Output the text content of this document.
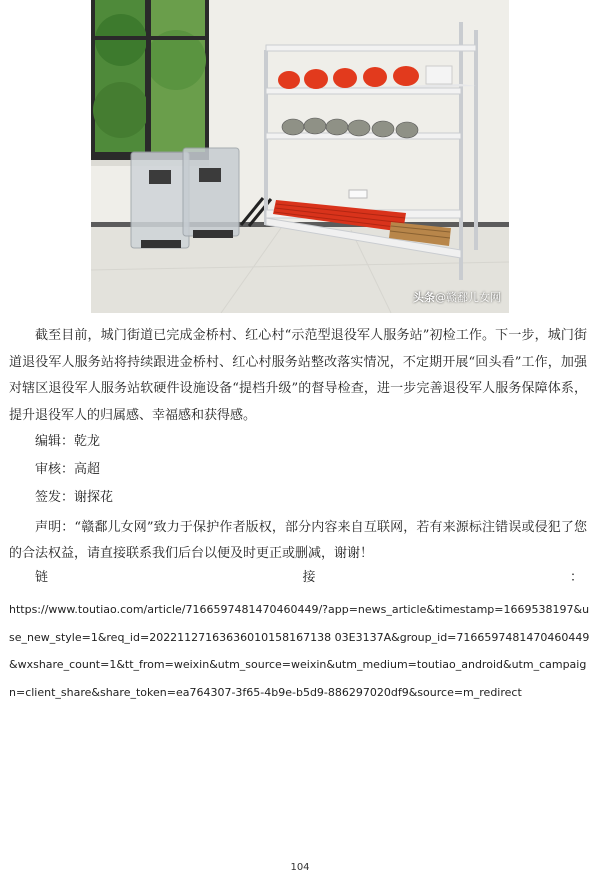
头条@赣鄱儿女网

截至目前，城门街道已完成金桥村、红心村“示范型退役军人服务站”初检工作。下一步，城门街道退役军人服务站将持续跟进金桥村、红心村服务站整改落实情况，不定期开展“回头看”工作，加强对辖区退役军人服务站软硬件设施设备“提档升级”的督导检查，进一步完善退役军人服务保障体系，提升退役军人的归属感、幸福感和获得感。

编辑：乾龙

审核：高超

签发：谢探花

声明：“赣鄱儿女网”致力于保护作者版权，部分内容来自互联网，若有来源标注错误或侵犯了您的合法权益，请直接联系我们后台以便及时更正或删减，谢谢！

链	接	：

https://www.toutiao.com/article/7166597481470460449/?app=news_article&timestamp=1669538197&use_new_style=1&req_id=20221127163636010158167138 03E3137A&group_id=7166597481470460449&wxshare_count=1&tt_from=weixin&utm_source=weixin&utm_medium=toutiao_android&utm_campaign=client_share&share_token=ea764307-3f65-4b9e-b5d9-886297020df9&source=m_redirect

104
